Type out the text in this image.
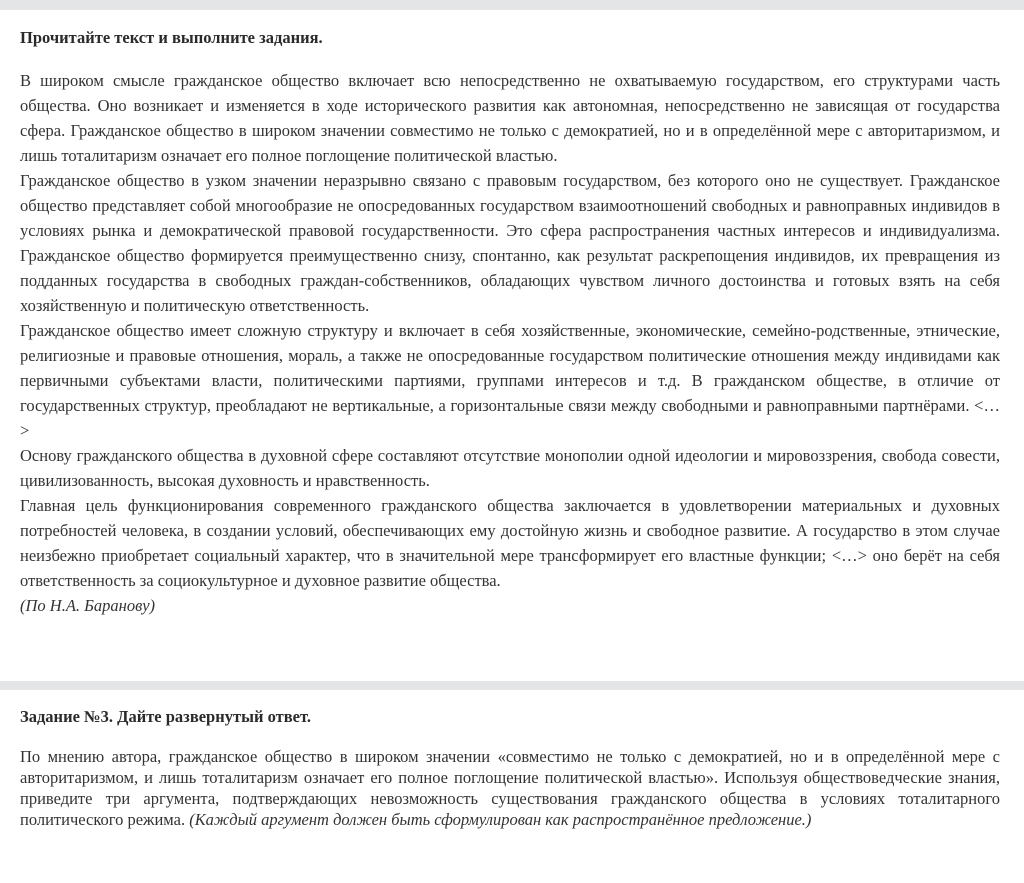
Прочитайте текст и выполните задания.

В широком смысле гражданское общество включает всю непосредственно не охватываемую государством, его структурами часть общества. Оно возникает и изменяется в ходе исторического развития как автономная, непосредственно не зависящая от государства сфера. Гражданское общество в широком значении совместимо не только с демократией, но и в определённой мере с авторитаризмом, и лишь тоталитаризм означает его полное поглощение политической властью.

Гражданское общество в узком значении неразрывно связано с правовым государством, без которого оно не существует. Гражданское общество представляет собой многообразие не опосредованных государством взаимоотношений свободных и равноправных индивидов в условиях рынка и демократической правовой государственности. Это сфера распространения частных интересов и индивидуализма. Гражданское общество формируется преимущественно снизу, спонтанно, как результат раскрепощения индивидов, их превращения из подданных государства в свободных граждан-собственников, обладающих чувством личного достоинства и готовых взять на себя хозяйственную и политическую ответственность.

Гражданское общество имеет сложную структуру и включает в себя хозяйственные, экономические, семейно-родственные, этнические, религиозные и правовые отношения, мораль, а также не опосредованные государством политические отношения между индивидами как первичными субъектами власти, политическими партиями, группами интересов и т.д. В гражданском обществе, в отличие от государственных структур, преобладают не вертикальные, а горизонтальные связи между свободными и равноправными партнёрами. <…>

Основу гражданского общества в духовной сфере составляют отсутствие монополии одной идеологии и мировоззрения, свобода совести, цивилизованность, высокая духовность и нравственность.

Главная цель функционирования современного гражданского общества заключается в удовлетворении материальных и духовных потребностей человека, в создании условий, обеспечивающих ему достойную жизнь и свободное развитие. А государство в этом случае неизбежно приобретает социальный характер, что в значительной мере трансформирует его властные функции; <…> оно берёт на себя ответственность за социокультурное и духовное развитие общества.

(По Н.А. Баранову)

Задание №3. Дайте развернутый ответ.

По мнению автора, гражданское общество в широком значении «совместимо не только с демократией, но и в определённой мере с авторитаризмом, и лишь тоталитаризм означает его полное поглощение политической властью». Используя обществоведческие знания, приведите три аргумента, подтверждающих невозможность существования гражданского общества в условиях тоталитарного политического режима. (Каждый аргумент должен быть сформулирован как распространённое предложение.)
